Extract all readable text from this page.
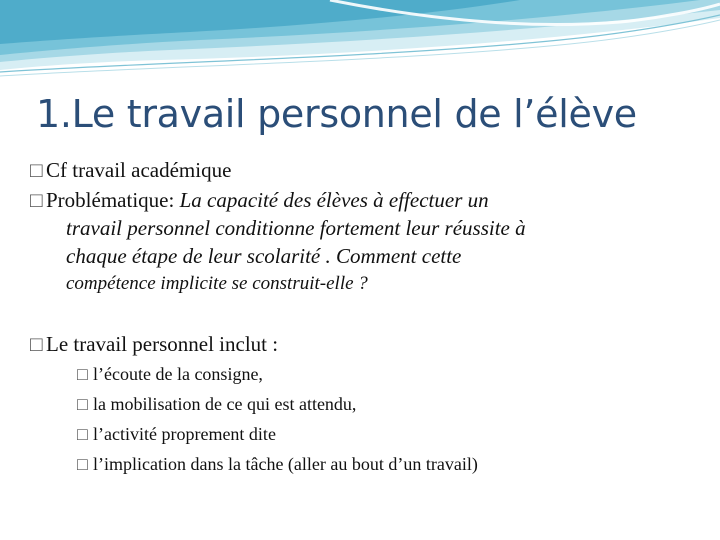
1.Le travail personnel de l’élève
□ Cf travail académique
□ Problématique: La capacité des élèves à effectuer un
travail personnel conditionne fortement leur réussite à
chaque étape de leur scolarité . Comment cette
compétence implicite se construit-elle ?
□ Le travail personnel inclut :
□ l’écoute de la consigne,
□ la mobilisation de ce qui est attendu,
□ l’activité proprement dite
□ l’implication dans la tâche (aller au bout d’un travail)
